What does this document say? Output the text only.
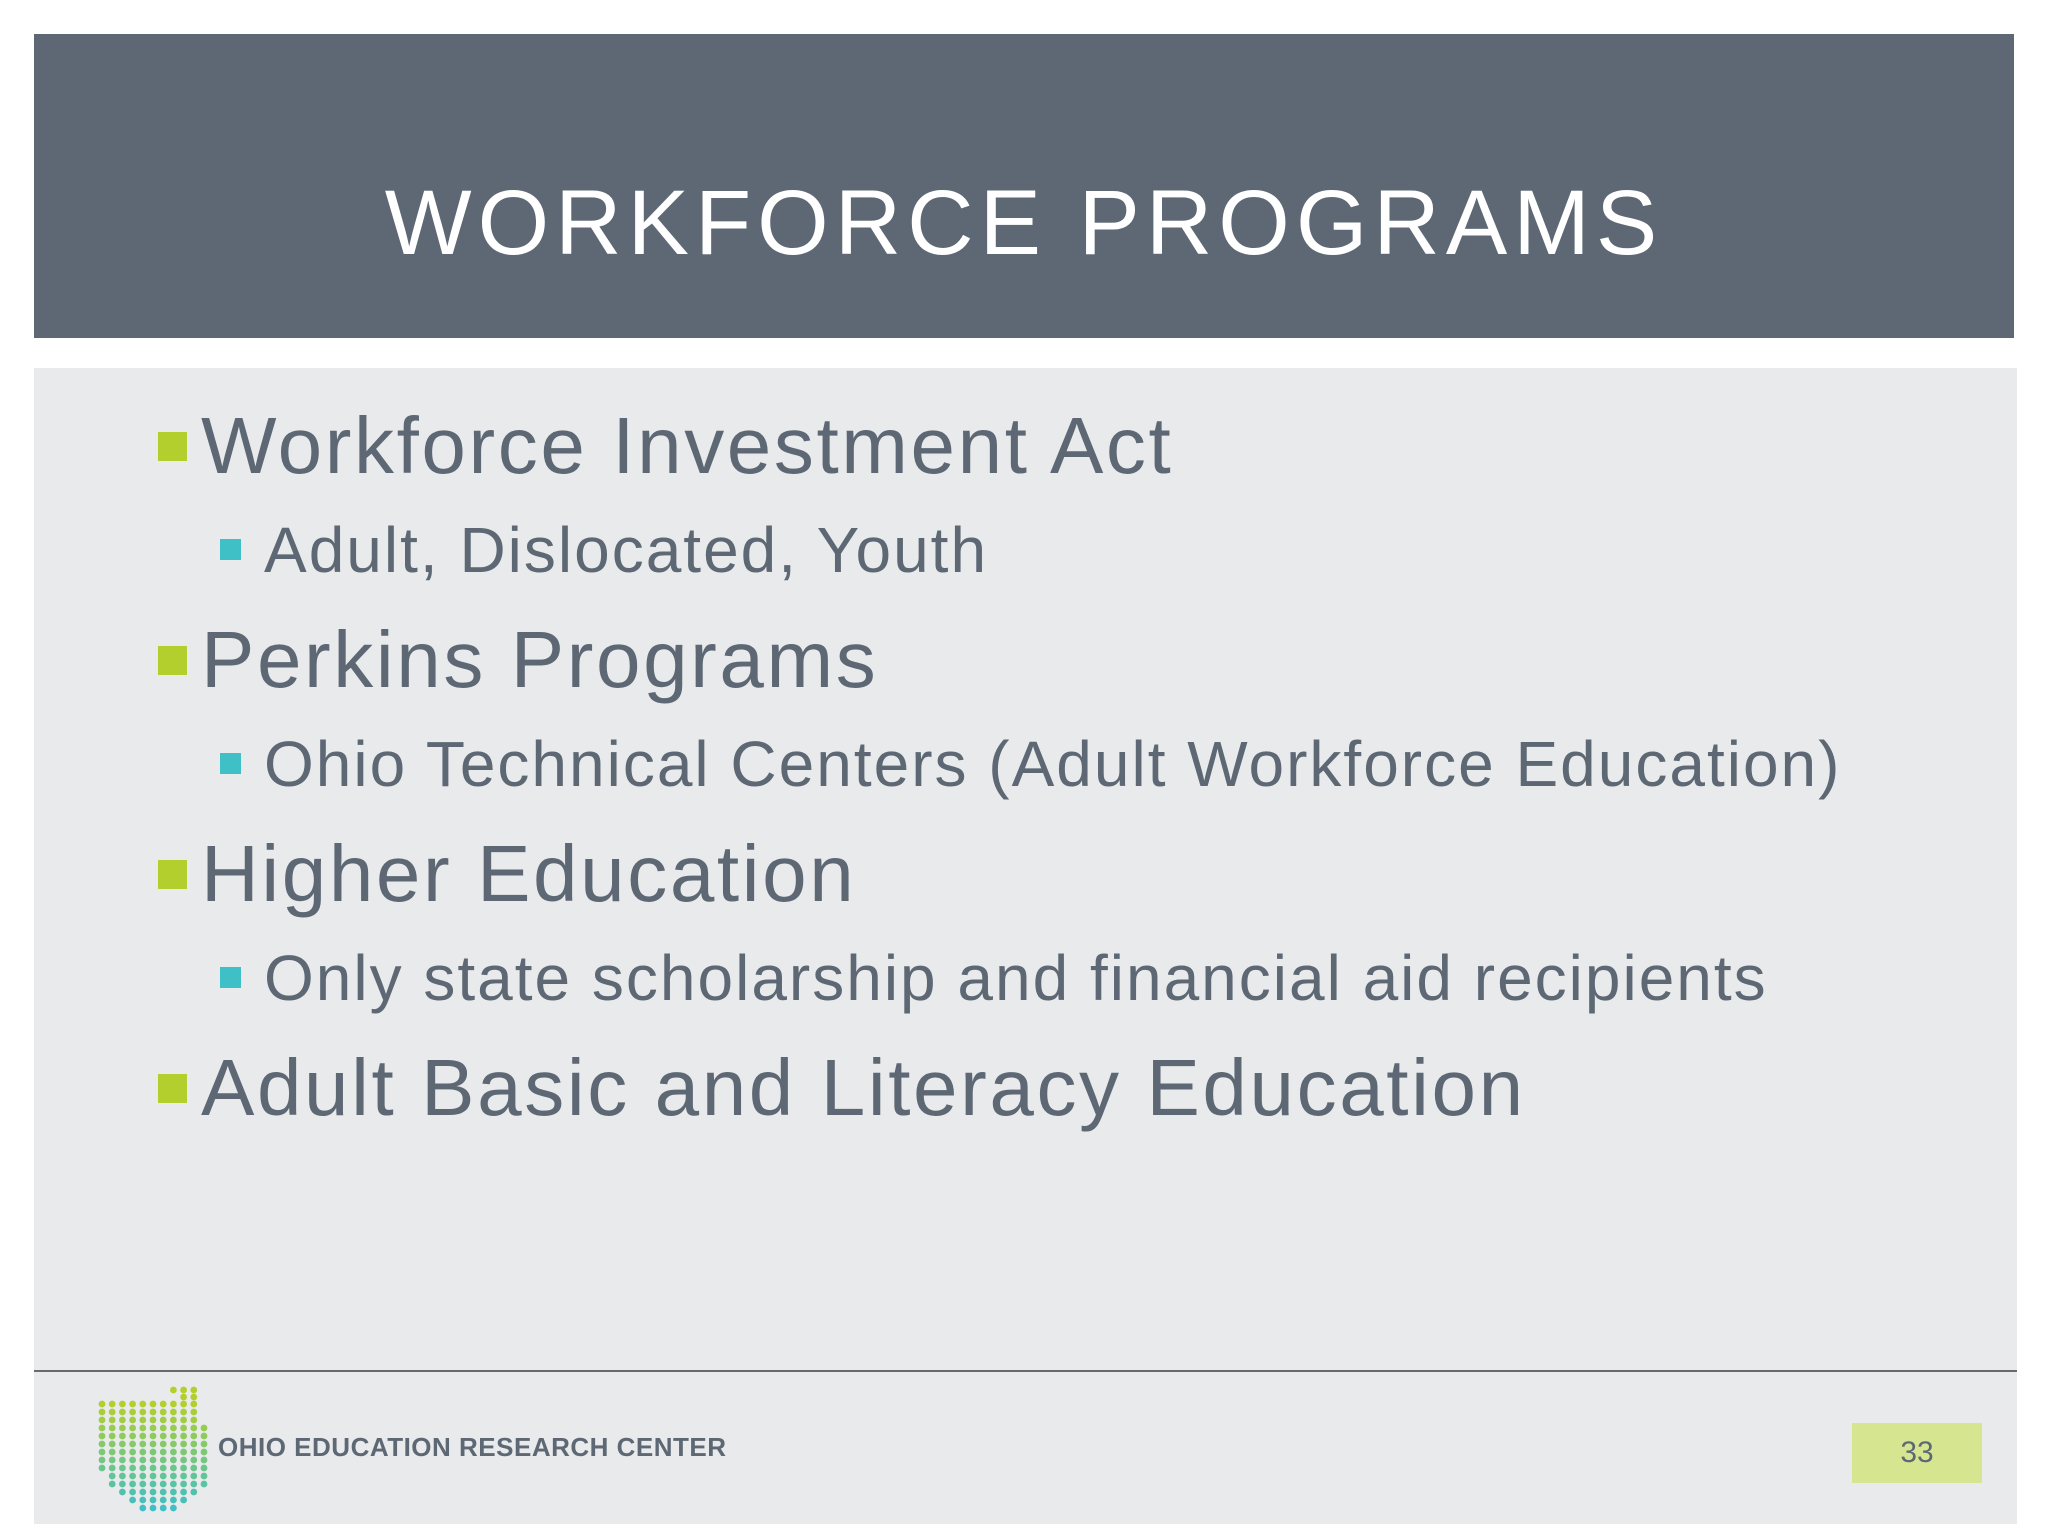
WORKFORCE PROGRAMS
Workforce Investment Act
Adult, Dislocated, Youth
Perkins Programs
Ohio Technical Centers (Adult Workforce Education)
Higher Education
Only state scholarship and financial aid recipients
Adult Basic and Literacy Education
OHIO EDUCATION RESEARCH CENTER	33
